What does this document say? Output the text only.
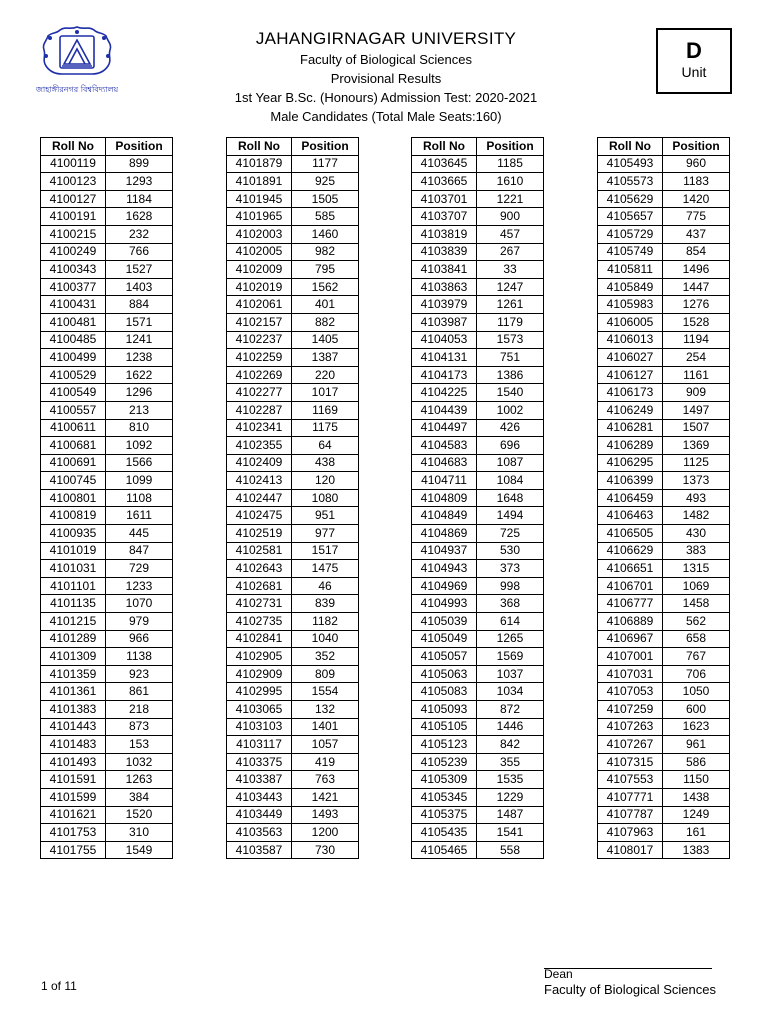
জাহাঙ্গীরনগর বিশ্ববিদ্যালয়
JAHANGIRNAGAR UNIVERSITY
Faculty of Biological Sciences
Provisional Results
1st Year B.Sc. (Honours) Admission Test: 2020-2021
Male Candidates (Total Male Seats:160)
D
Unit
Roll No	Position
4100119	899
4100123	1293
4100127	1184
4100191	1628
4100215	232
4100249	766
4100343	1527
4100377	1403
4100431	884
4100481	1571
4100485	1241
4100499	1238
4100529	1622
4100549	1296
4100557	213
4100611	810
4100681	1092
4100691	1566
4100745	1099
4100801	1108
4100819	1611
4100935	445
4101019	847
4101031	729
4101101	1233
4101135	1070
4101215	979
4101289	966
4101309	1138
4101359	923
4101361	861
4101383	218
4101443	873
4101483	153
4101493	1032
4101591	1263
4101599	384
4101621	1520
4101753	310
4101755	1549
Roll No	Position
4101879	1177
4101891	925
4101945	1505
4101965	585
4102003	1460
4102005	982
4102009	795
4102019	1562
4102061	401
4102157	882
4102237	1405
4102259	1387
4102269	220
4102277	1017
4102287	1169
4102341	1175
4102355	64
4102409	438
4102413	120
4102447	1080
4102475	951
4102519	977
4102581	1517
4102643	1475
4102681	46
4102731	839
4102735	1182
4102841	1040
4102905	352
4102909	809
4102995	1554
4103065	132
4103103	1401
4103117	1057
4103375	419
4103387	763
4103443	1421
4103449	1493
4103563	1200
4103587	730
Roll No	Position
4103645	1185
4103665	1610
4103701	1221
4103707	900
4103819	457
4103839	267
4103841	33
4103863	1247
4103979	1261
4103987	1179
4104053	1573
4104131	751
4104173	1386
4104225	1540
4104439	1002
4104497	426
4104583	696
4104683	1087
4104711	1084
4104809	1648
4104849	1494
4104869	725
4104937	530
4104943	373
4104969	998
4104993	368
4105039	614
4105049	1265
4105057	1569
4105063	1037
4105083	1034
4105093	872
4105105	1446
4105123	842
4105239	355
4105309	1535
4105345	1229
4105375	1487
4105435	1541
4105465	558
Roll No	Position
4105493	960
4105573	1183
4105629	1420
4105657	775
4105729	437
4105749	854
4105811	1496
4105849	1447
4105983	1276
4106005	1528
4106013	1194
4106027	254
4106127	1161
4106173	909
4106249	1497
4106281	1507
4106289	1369
4106295	1125
4106399	1373
4106459	493
4106463	1482
4106505	430
4106629	383
4106651	1315
4106701	1069
4106777	1458
4106889	562
4106967	658
4107001	767
4107031	706
4107053	1050
4107259	600
4107263	1623
4107267	961
4107315	586
4107553	1150
4107771	1438
4107787	1249
4107963	161
4108017	1383
1 of 11
Dean
Faculty of Biological Sciences
